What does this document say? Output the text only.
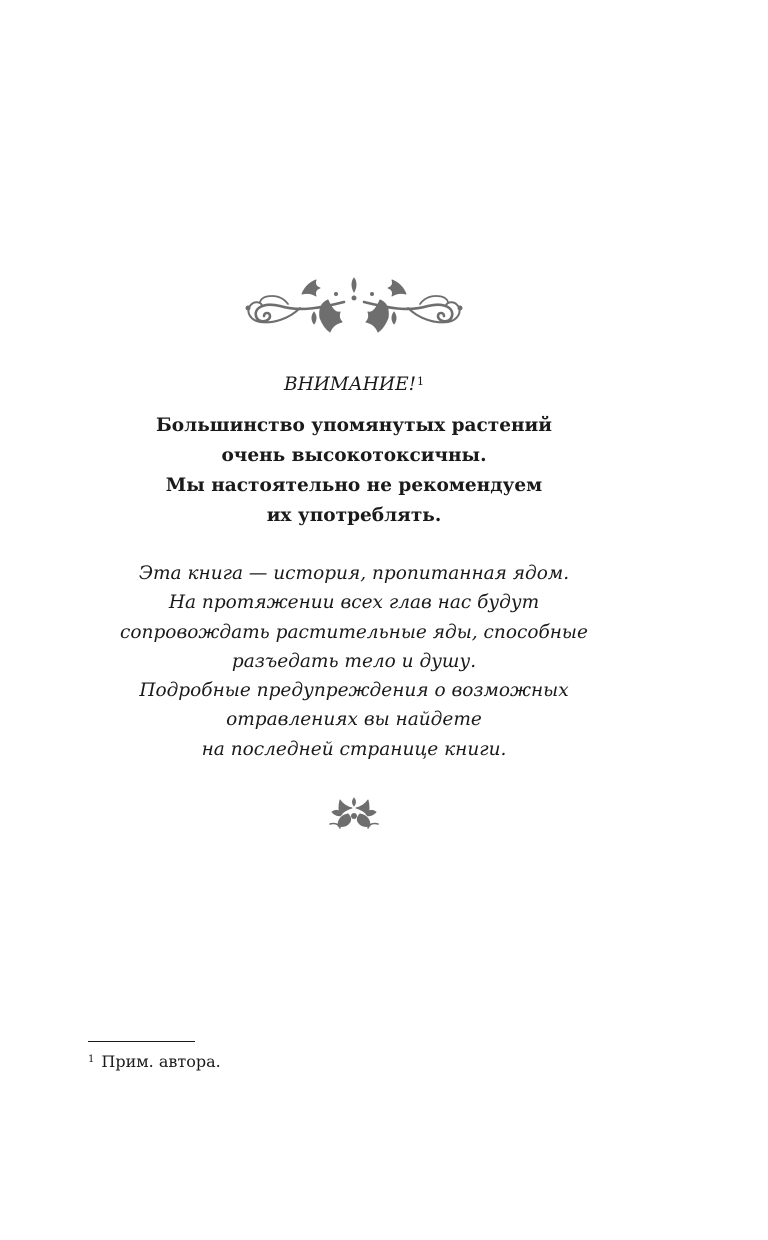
ВНИМАНИЕ!$^1$
Большинство упомянутых растений
очень высокотоксичны.
Мы настоятельно не рекомендуем
их употреблять.
Эта книга — история, пропитанная ядом.
На протяжении всех глав нас будут
сопровождать растительные яды, способные
разъедать тело и душу.
Подробные предупреждения о возможных
отравлениях вы найдете
на последней странице книги.
$^1$ Прим. автора.
